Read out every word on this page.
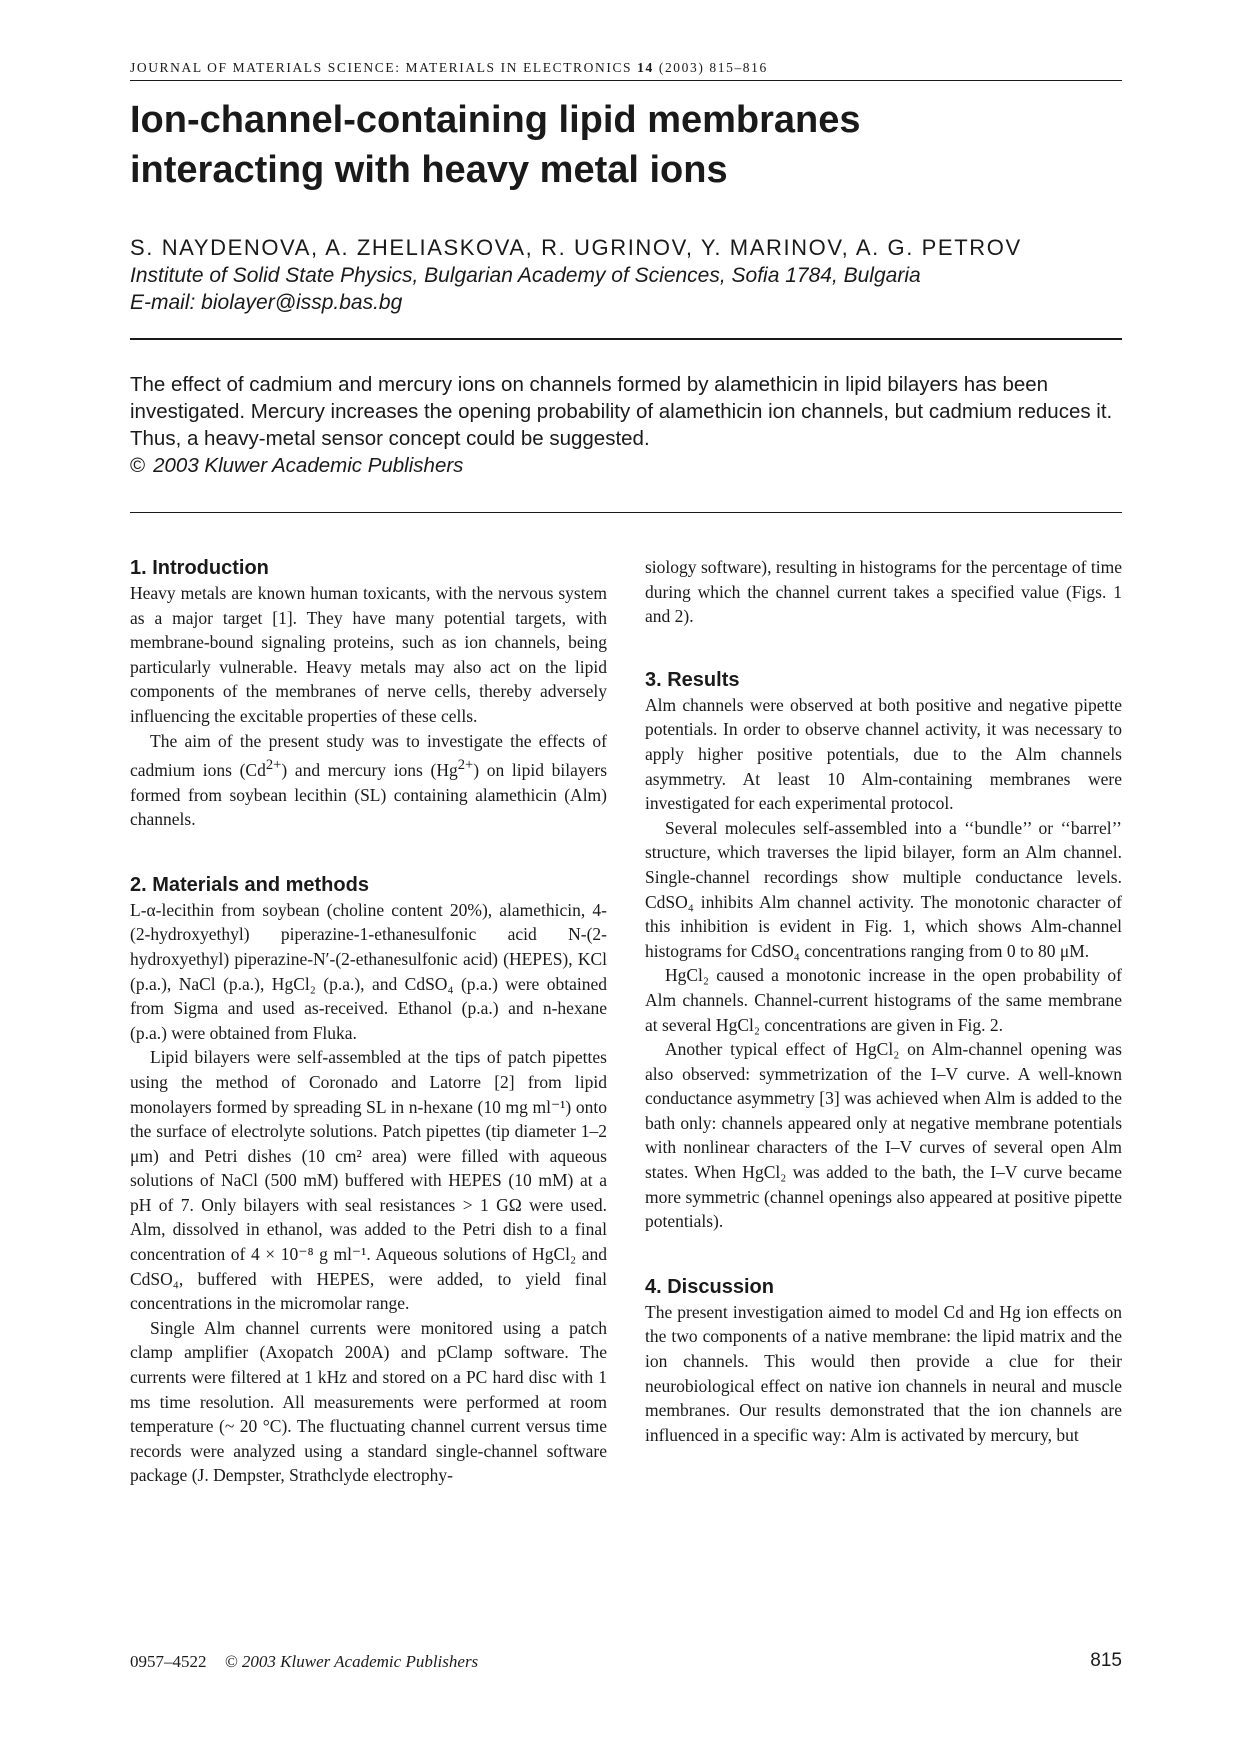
JOURNAL OF MATERIALS SCIENCE: MATERIALS IN ELECTRONICS 14 (2003) 815–816
Ion-channel-containing lipid membranes
interacting with heavy metal ions
S. NAYDENOVA, A. ZHELIASKOVA, R. UGRINOV, Y. MARINOV, A. G. PETROV
Institute of Solid State Physics, Bulgarian Academy of Sciences, Sofia 1784, Bulgaria
E-mail: biolayer@issp.bas.bg
The effect of cadmium and mercury ions on channels formed by alamethicin in lipid bilayers has been investigated. Mercury increases the opening probability of alamethicin ion channels, but cadmium reduces it. Thus, a heavy-metal sensor concept could be suggested.
© 2003 Kluwer Academic Publishers
1. Introduction

Heavy metals are known human toxicants, with the nervous system as a major target [1]. They have many potential targets, with membrane-bound signaling proteins, such as ion channels, being particularly vulnerable. Heavy metals may also act on the lipid components of the membranes of nerve cells, thereby adversely influencing the excitable properties of these cells.

The aim of the present study was to investigate the effects of cadmium ions $(Cd^{2+})$ and mercury ions $(Hg^{2+})$ on lipid bilayers formed from soybean lecithin (SL) containing alamethicin (Alm) channels.

2. Materials and methods

L-α-lecithin from soybean (choline content 20%), alamethicin, 4-(2-hydroxyethyl) piperazine-1-ethanesulfonic acid N-(2-hydroxyethyl) piperazine-N′-(2-ethanesulfonic acid) (HEPES), KCl (p.a.), NaCl (p.a.), HgCl₂ (p.a.), and CdSO₄ (p.a.) were obtained from Sigma and used as-received. Ethanol (p.a.) and n-hexane (p.a.) were obtained from Fluka.

Lipid bilayers were self-assembled at the tips of patch pipettes using the method of Coronado and Latorre [2] from lipid monolayers formed by spreading SL in n-hexane (10 mg ml⁻¹) onto the surface of electrolyte solutions. Patch pipettes (tip diameter 1–2 μm) and Petri dishes (10 cm² area) were filled with aqueous solutions of NaCl (500 mM) buffered with HEPES (10 mM) at a pH of 7. Only bilayers with seal resistances > 1 GΩ were used. Alm, dissolved in ethanol, was added to the Petri dish to a final concentration of 4 × 10⁻⁸ g ml⁻¹. Aqueous solutions of HgCl₂ and CdSO₄, buffered with HEPES, were added, to yield final concentrations in the micromolar range.

Single Alm channel currents were monitored using a patch clamp amplifier (Axopatch 200A) and pClamp software. The currents were filtered at 1 kHz and stored on a PC hard disc with 1 ms time resolution. All measurements were performed at room temperature (~ 20 °C). The fluctuating channel current versus time records were analyzed using a standard single-channel software package (J. Dempster, Strathclyde electrophy-

siology software), resulting in histograms for the percentage of time during which the channel current takes a specified value (Figs. 1 and 2).

3. Results

Alm channels were observed at both positive and negative pipette potentials. In order to observe channel activity, it was necessary to apply higher positive potentials, due to the Alm channels asymmetry. At least 10 Alm-containing membranes were investigated for each experimental protocol.

Several molecules self-assembled into a ‘‘bundle’’ or ‘‘barrel’’ structure, which traverses the lipid bilayer, form an Alm channel. Single-channel recordings show multiple conductance levels. CdSO₄ inhibits Alm channel activity. The monotonic character of this inhibition is evident in Fig. 1, which shows Alm-channel histograms for CdSO₄ concentrations ranging from 0 to 80 μM.

HgCl₂ caused a monotonic increase in the open probability of Alm channels. Channel-current histograms of the same membrane at several HgCl₂ concentrations are given in Fig. 2.

Another typical effect of HgCl₂ on Alm-channel opening was also observed: symmetrization of the I–V curve. A well-known conductance asymmetry [3] was achieved when Alm is added to the bath only: channels appeared only at negative membrane potentials with nonlinear characters of the I–V curves of several open Alm states. When HgCl₂ was added to the bath, the I–V curve became more symmetric (channel openings also appeared at positive pipette potentials).

4. Discussion

The present investigation aimed to model Cd and Hg ion effects on the two components of a native membrane: the lipid matrix and the ion channels. This would then provide a clue for their neurobiological effect on native ion channels in neural and muscle membranes. Our results demonstrated that the ion channels are influenced in a specific way: Alm is activated by mercury, but

0957–4522 © 2003 Kluwer Academic Publishers	815
